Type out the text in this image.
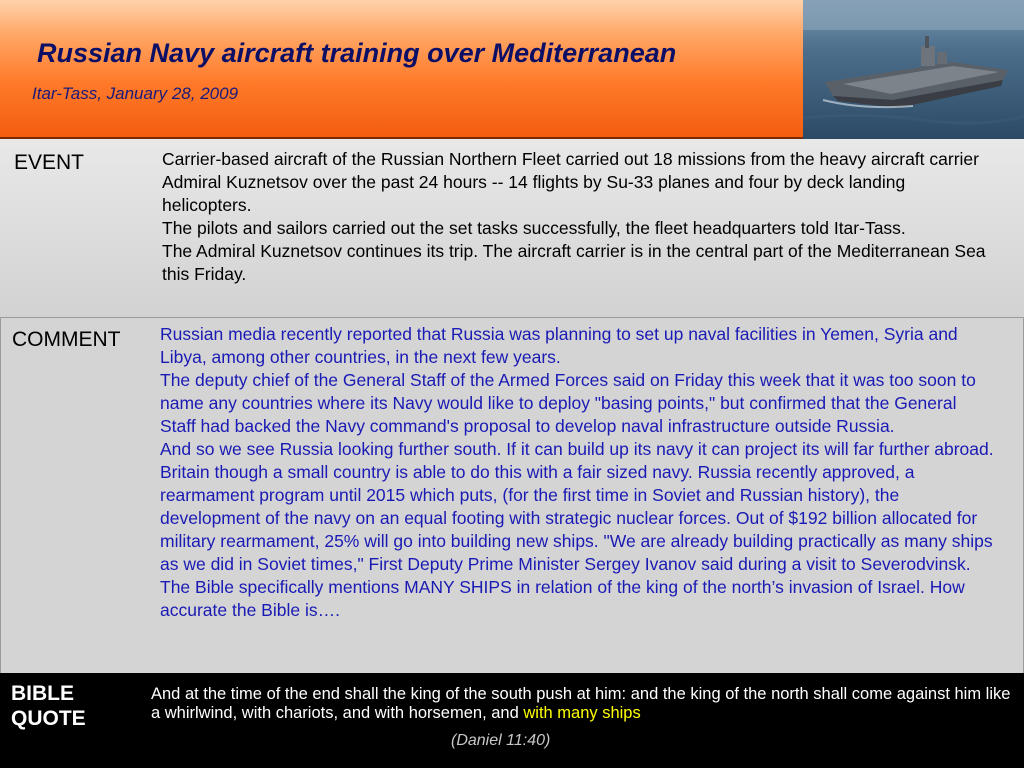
Russian Navy aircraft training over Mediterranean
Itar-Tass, January 28, 2009
EVENT	Carrier-based aircraft of the Russian Northern Fleet carried out 18 missions from the heavy aircraft carrier Admiral Kuznetsov over the past 24 hours -- 14 flights by Su-33 planes and four by deck landing helicopters.

The pilots and sailors carried out the set tasks successfully, the fleet headquarters told Itar-Tass.

The Admiral Kuznetsov continues its trip. The aircraft carrier is in the central part of the Mediterranean Sea this Friday.

COMMENT Russian media recently reported that Russia was planning to set up naval facilities in Yemen, Syria and Libya, among other countries, in the next few years.

The deputy chief of the General Staff of the Armed Forces said on Friday this week that it was too soon to name any countries where its Navy would like to deploy "basing points," but confirmed that the General Staff had backed the Navy command's proposal to develop naval infrastructure outside Russia.

And so we see Russia looking further south. If it can build up its navy it can project its will far further abroad. Britain though a small country is able to do this with a fair sized navy. Russia recently approved, a rearmament program until 2015 which puts, (for the first time in Soviet and Russian history), the development of the navy on an equal footing with strategic nuclear forces. Out of $192 billion allocated for military rearmament, 25% will go into building new ships. "We are already building practically as many ships as we did in Soviet times," First Deputy Prime Minister Sergey Ivanov said during a visit to Severodvinsk. The Bible specifically mentions MANY SHIPS in relation of the king of the north’s invasion of Israel. How accurate the Bible is….

BIBLE
QUOTE
And at the time of the end shall the king of the south push at him: and the king of the north shall come against him like a whirlwind, with chariots, and with horsemen, and with many ships
(Daniel 11:40)
